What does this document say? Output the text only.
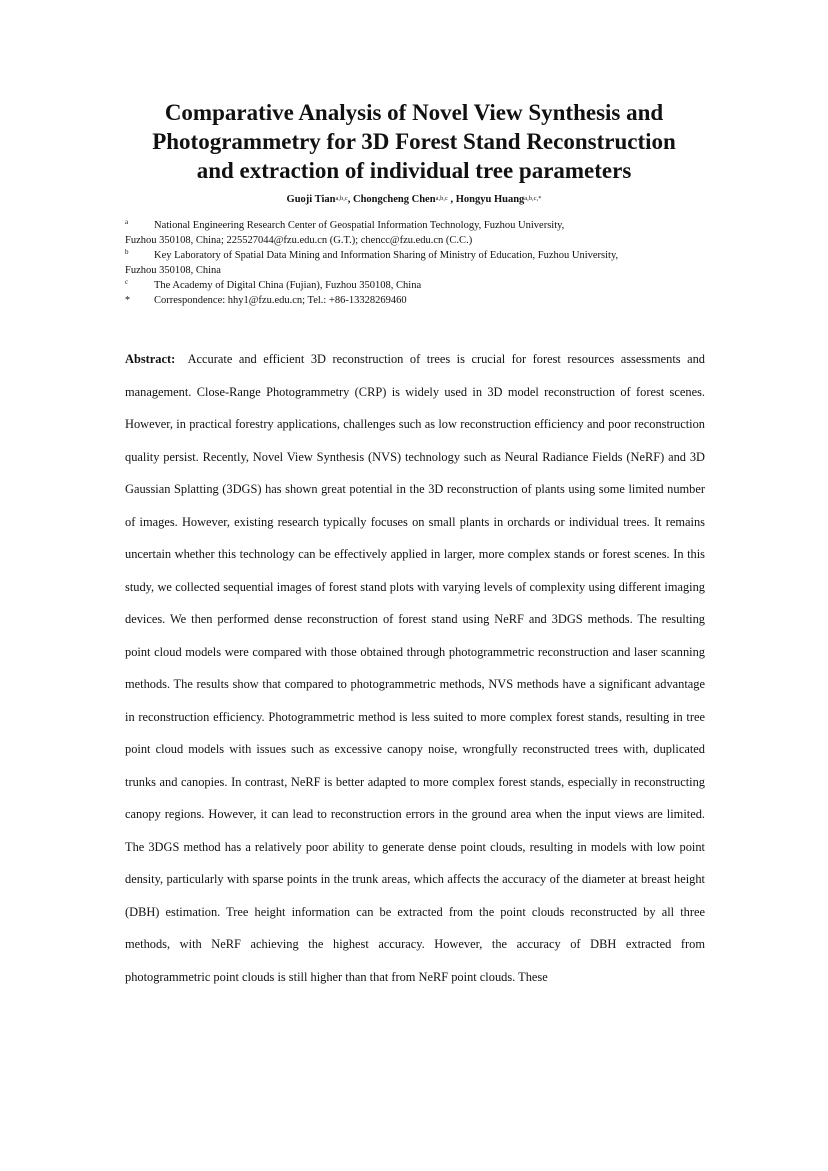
Comparative Analysis of Novel View Synthesis and
Photogrammetry for 3D Forest Stand Reconstruction
and extraction of individual tree parameters
Guoji Tian$^{a,b,c}$, Chongcheng Chen$^{a,b,c}$ , Hongyu Huang$^{a,b,c,*}$
a	National Engineering Research Center of Geospatial Information Technology, Fuzhou University,
Fuzhou 350108, China; 225527044@fzu.edu.cn (G.T.); chencc@fzu.edu.cn (C.C.)
b	Key Laboratory of Spatial Data Mining and Information Sharing of Ministry of Education, Fuzhou University,
Fuzhou 350108, China
c	The Academy of Digital China (Fujian), Fuzhou 350108, China
*	Correspondence: hhy1@fzu.edu.cn; Tel.: +86-13328269460

Abstract: Accurate and efficient 3D reconstruction of trees is crucial for forest resources assessments and management. Close-Range Photogrammetry (CRP) is widely used in 3D model reconstruction of forest scenes. However, in practical forestry applications, challenges such as low reconstruction efficiency and poor reconstruction quality persist. Recently, Novel View Synthesis (NVS) technology such as Neural Radiance Fields (NeRF) and 3D Gaussian Splatting (3DGS) has shown great potential in the 3D reconstruction of plants using some limited number of images. However, existing research typically focuses on small plants in orchards or individual trees. It remains uncertain whether this technology can be effectively applied in larger, more complex stands or forest scenes. In this study, we collected sequential images of forest stand plots with varying levels of complexity using different imaging devices. We then performed dense reconstruction of forest stand using NeRF and 3DGS methods. The resulting point cloud models were compared with those obtained through photogrammetric reconstruction and laser scanning methods. The results show that compared to photogrammetric methods, NVS methods have a significant advantage in reconstruction efficiency. Photogrammetric method is less suited to more complex forest stands, resulting in tree point cloud models with issues such as excessive canopy noise, wrongfully reconstructed trees with, duplicated trunks and canopies. In contrast, NeRF is better adapted to more complex forest stands, especially in reconstructing canopy regions. However, it can lead to reconstruction errors in the ground area when the input views are limited. The 3DGS method has a relatively poor ability to generate dense point clouds, resulting in models with low point density, particularly with sparse points in the trunk areas, which affects the accuracy of the diameter at breast height (DBH) estimation. Tree height information can be extracted from the point clouds reconstructed by all three methods, with NeRF achieving the highest accuracy. However, the accuracy of DBH extracted from photogrammetric point clouds is still higher than that from NeRF point clouds. These
